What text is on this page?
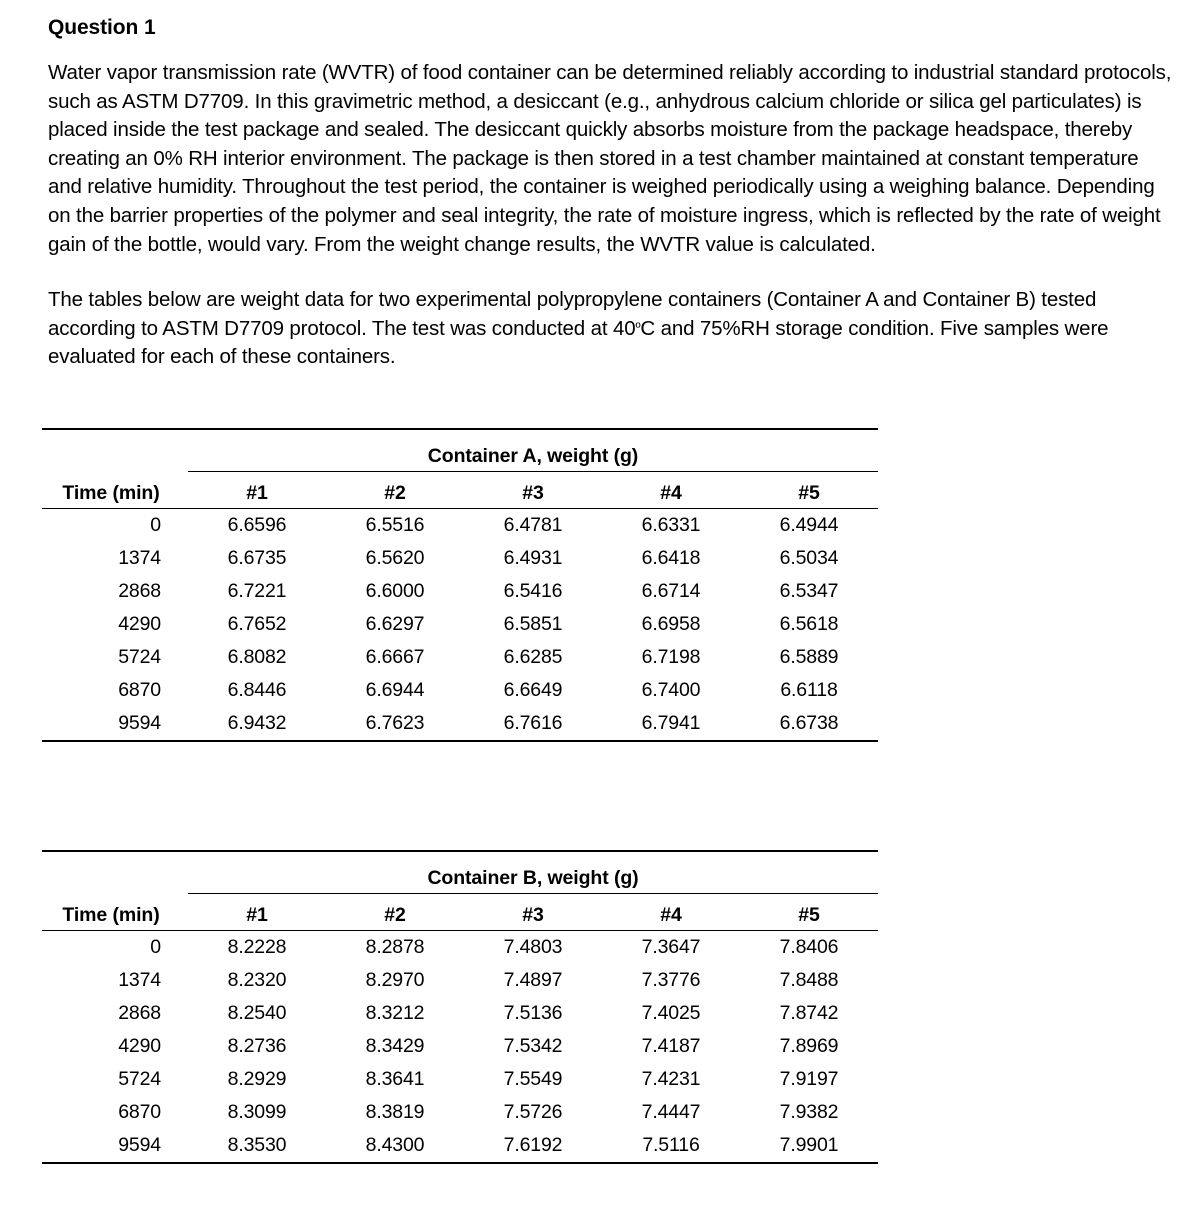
Question 1

Water vapor transmission rate (WVTR) of food container can be determined reliably according to industrial standard protocols, such as ASTM D7709. In this gravimetric method, a desiccant (e.g., anhydrous calcium chloride or silica gel particulates) is placed inside the test package and sealed. The desiccant quickly absorbs moisture from the package headspace, thereby creating an 0% RH interior environment. The package is then stored in a test chamber maintained at constant temperature and relative humidity. Throughout the test period, the container is weighed periodically using a weighing balance. Depending on the barrier properties of the polymer and seal integrity, the rate of moisture ingress, which is reflected by the rate of weight gain of the bottle, would vary. From the weight change results, the WVTR value is calculated.

The tables below are weight data for two experimental polypropylene containers (Container A and Container B) tested according to ASTM D7709 protocol. The test was conducted at 40ºC and 75%RH storage condition. Five samples were evaluated for each of these containers.

	Container A, weight (g)				
Time (min)	#1	#2	#3	#4	#5
0	6.6596	6.5516	6.4781	6.6331	6.4944
1374	6.6735	6.5620	6.4931	6.6418	6.5034
2868	6.7221	6.6000	6.5416	6.6714	6.5347
4290	6.7652	6.6297	6.5851	6.6958	6.5618
5724	6.8082	6.6667	6.6285	6.7198	6.5889
6870	6.8446	6.6944	6.6649	6.7400	6.6118
9594	6.9432	6.7623	6.7616	6.7941	6.6738

	Container B, weight (g)				
Time (min)	#1	#2	#3	#4	#5
0	8.2228	8.2878	7.4803	7.3647	7.8406
1374	8.2320	8.2970	7.4897	7.3776	7.8488
2868	8.2540	8.3212	7.5136	7.4025	7.8742
4290	8.2736	8.3429	7.5342	7.4187	7.8969
5724	8.2929	8.3641	7.5549	7.4231	7.9197
6870	8.3099	8.3819	7.5726	7.4447	7.9382
9594	8.3530	8.4300	7.6192	7.5116	7.9901
